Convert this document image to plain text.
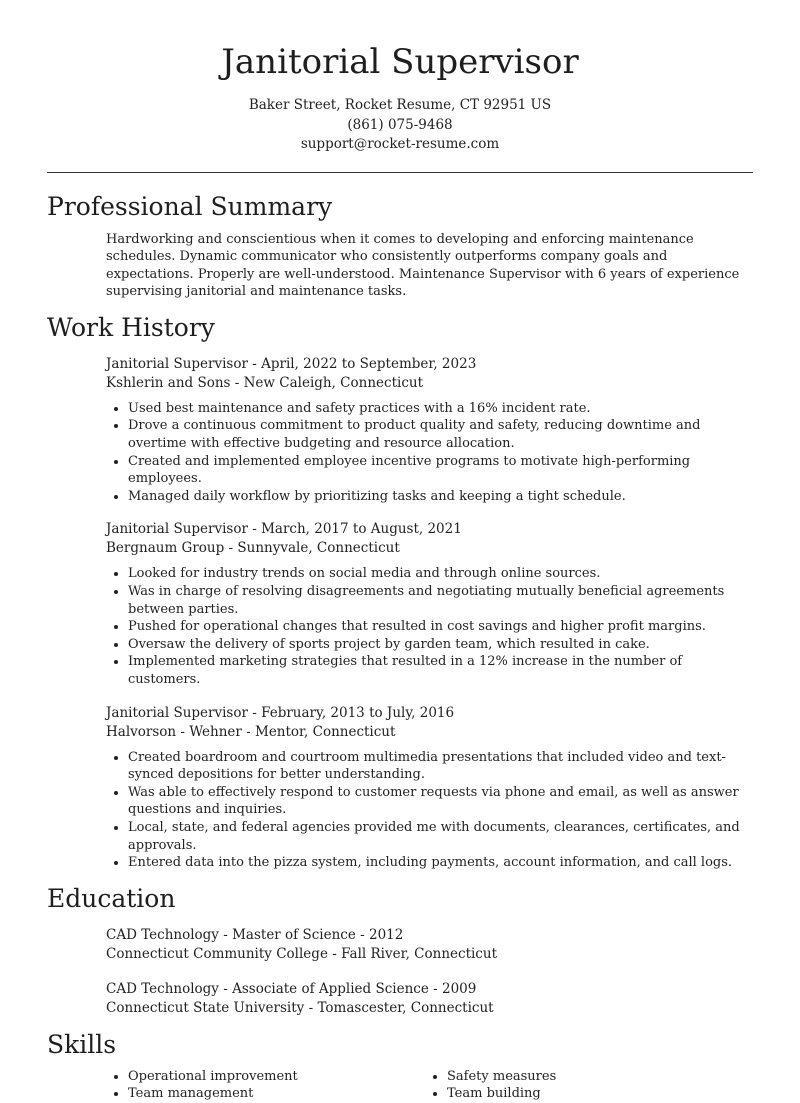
Janitorial Supervisor
Baker Street, Rocket Resume, CT 92951 US
(861) 075-9468
support@rocket-resume.com
Professional Summary
Hardworking and conscientious when it comes to developing and enforcing maintenance schedules. Dynamic communicator who consistently outperforms company goals and expectations. Properly are well-understood. Maintenance Supervisor with 6 years of experience supervising janitorial and maintenance tasks.
Work History
Janitorial Supervisor - April, 2022 to September, 2023
Kshlerin and Sons - New Caleigh, Connecticut
• Used best maintenance and safety practices with a 16% incident rate.
• Drove a continuous commitment to product quality and safety, reducing downtime and overtime with effective budgeting and resource allocation.
• Created and implemented employee incentive programs to motivate high-performing employees.
• Managed daily workflow by prioritizing tasks and keeping a tight schedule.
Janitorial Supervisor - March, 2017 to August, 2021
Bergnaum Group - Sunnyvale, Connecticut
• Looked for industry trends on social media and through online sources.
• Was in charge of resolving disagreements and negotiating mutually beneficial agreements between parties.
• Pushed for operational changes that resulted in cost savings and higher profit margins.
• Oversaw the delivery of sports project by garden team, which resulted in cake.
• Implemented marketing strategies that resulted in a 12% increase in the number of customers.
Janitorial Supervisor - February, 2013 to July, 2016
Halvorson - Wehner - Mentor, Connecticut
• Created boardroom and courtroom multimedia presentations that included video and text-synced depositions for better understanding.
• Was able to effectively respond to customer requests via phone and email, as well as answer questions and inquiries.
• Local, state, and federal agencies provided me with documents, clearances, certificates, and approvals.
• Entered data into the pizza system, including payments, account information, and call logs.
Education
CAD Technology - Master of Science - 2012
Connecticut Community College - Fall River, Connecticut
CAD Technology - Associate of Applied Science - 2009
Connecticut State University - Tomascester, Connecticut
Skills
• Operational improvement
• Team management
• Safety measures
• Team building
